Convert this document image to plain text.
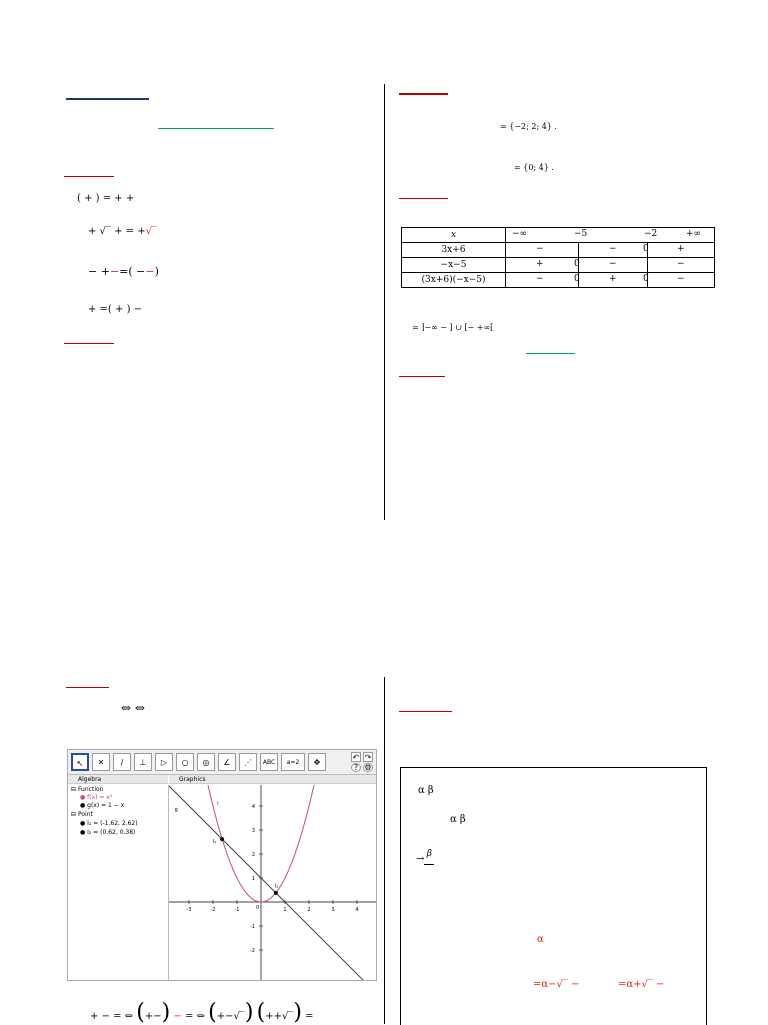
( + ) = + +
+ √‾ + = +√‾
− +−=( −−)
+ =( + ) −
= {−2; 2; 4} .
= {0; 4} .
x	−∞ −5 −2 +∞

3x+6	− − 0 +

−x−5	+ 0 − −

(3x+6)(−x−5)	− 0 + 0 −
= ]−∞ − ] ∪ [− +∞[
⇔ ⇔
↖	✕	/	⊥	▷	○	◎	∠	⋰	ABC	a=2	✥
↶ ↷
? ⚙
Algebra	Graphics
⊟ Function
● f(x) = x²
● g(x) = 1 − x
⊟ Point
● I₁ = (-1.62, 2.62)
● I₂ = (0.62, 0.38)
-3	-2	-1	1	2	3	4
4
3
2
1
-1
-2
0
f
g
I₁
I₂
+ − = ⇔ (+−) − = ⇔ (+−√‾) (++√‾) =
α β
α β
→ β

α
=α−√‾ −	=α+√‾ −
